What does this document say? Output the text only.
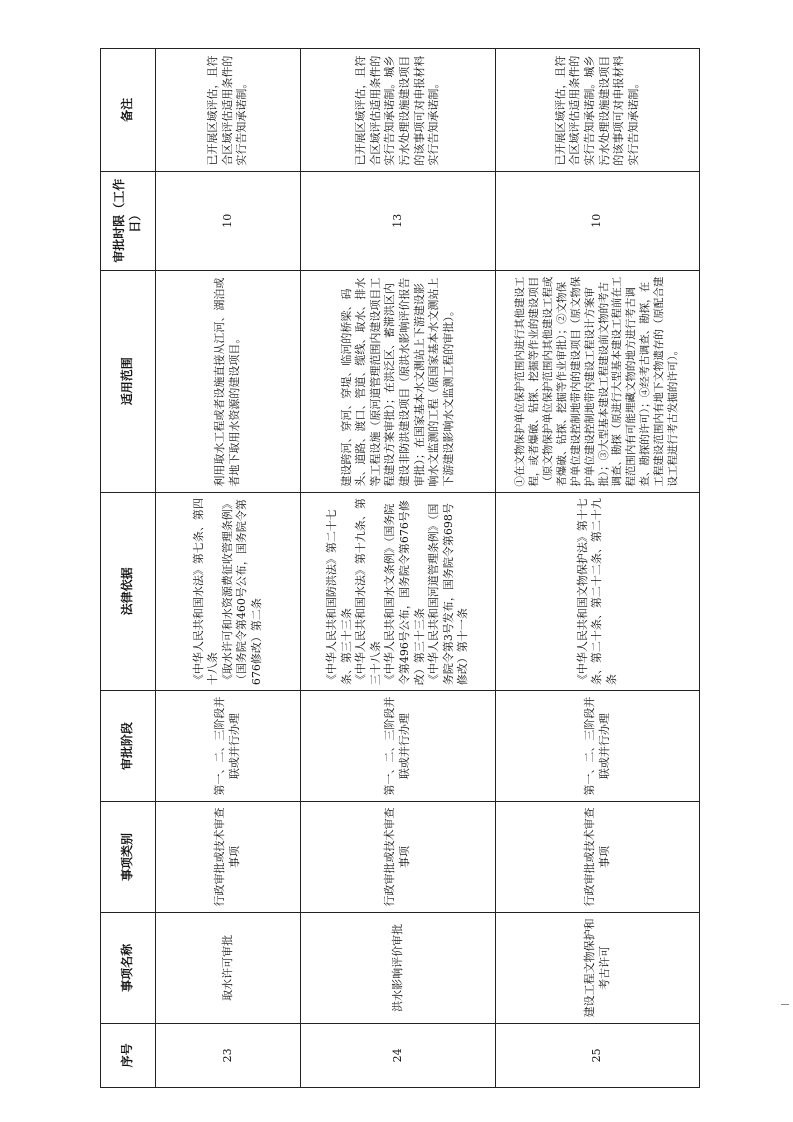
序号	事项名称	事项类别	审批阶段	法律依据	适用范围	审批时限（工作日）	备注
23	取水许可审批	行政审批或技术审查事项	第一、二、三阶段并联或并行办理	《中华人民共和国水法》第七条、第四十八条
《取水许可和水资源费征收管理条例》（国务院令第460号公布，国务院令第676修改）第二条	利用取水工程或者设施直接从江河、湖泊或者地下取用水资源的建设项目。	10	已开展区域评估，且符合区域评估适用条件的实行告知承诺制。
24	洪水影响评价审批	行政审批或技术审查事项	第一、二、三阶段并联或并行办理	《中华人民共和国防洪法》第二十七条、第三十三条
《中华人民共和国水法》第十九条、第三十八条
《中华人民共和国水文条例》（国务院令第496号公布，国务院令第676号修改）第三十三条
《中华人民共和国河道管理条例》（国务院令第3号发布，国务院令第698号修改）第十一条	建设跨河、穿河、穿堤、临河的桥梁、码头、道路、渡口、管道、缆线、取水、排水等工程设施（原河道管理范围内建设项目工程建设方案审批）；在洪泛区、蓄滞洪区内建设非防洪建设项目（原洪水影响评价报告审批）；在国家基本水文测站上下游建设影响水文监测的工程（原国家基本水文测站上下游建设影响水文监测工程的审批）。	13	已开展区域评估，且符合区域评估适用条件的实行告知承诺制。城乡污水处理设施建设项目的该事项可对申报材料实行告知承诺制。
25	建设工程文物保护和考古许可	行政审批或技术审查事项	第一、二、三阶段并联或并行办理	《中华人民共和国文物保护法》第十七条、第二十条、第二十二条、第二十九条	①在文物保护单位保护范围内进行其他建设工程，或者爆破、钻探、挖掘等作业的建设项目（原文物保护单位保护范围内其他建设工程或者爆破、钻探、挖掘等作业审批）；②文物保护单位建设控制地带内的建设项目（原文物保护单位建设控制地带内建设工程设计方案审批）；③大型基本建设工程建设前文物的考古调查、勘探（原进行大型基本建设工程前在工程范围内有可能埋藏文物的地方进行考古调查、勘探的许可）；④经考古调查、勘探，在工程建设范围内有地下文物遗存的（原配合建设工程进行考古发掘的许可）。	10	已开展区域评估，且符合区域评估适用条件的实行告知承诺制。城乡污水处理设施建设项目的该事项可对申报材料实行告知承诺制。
